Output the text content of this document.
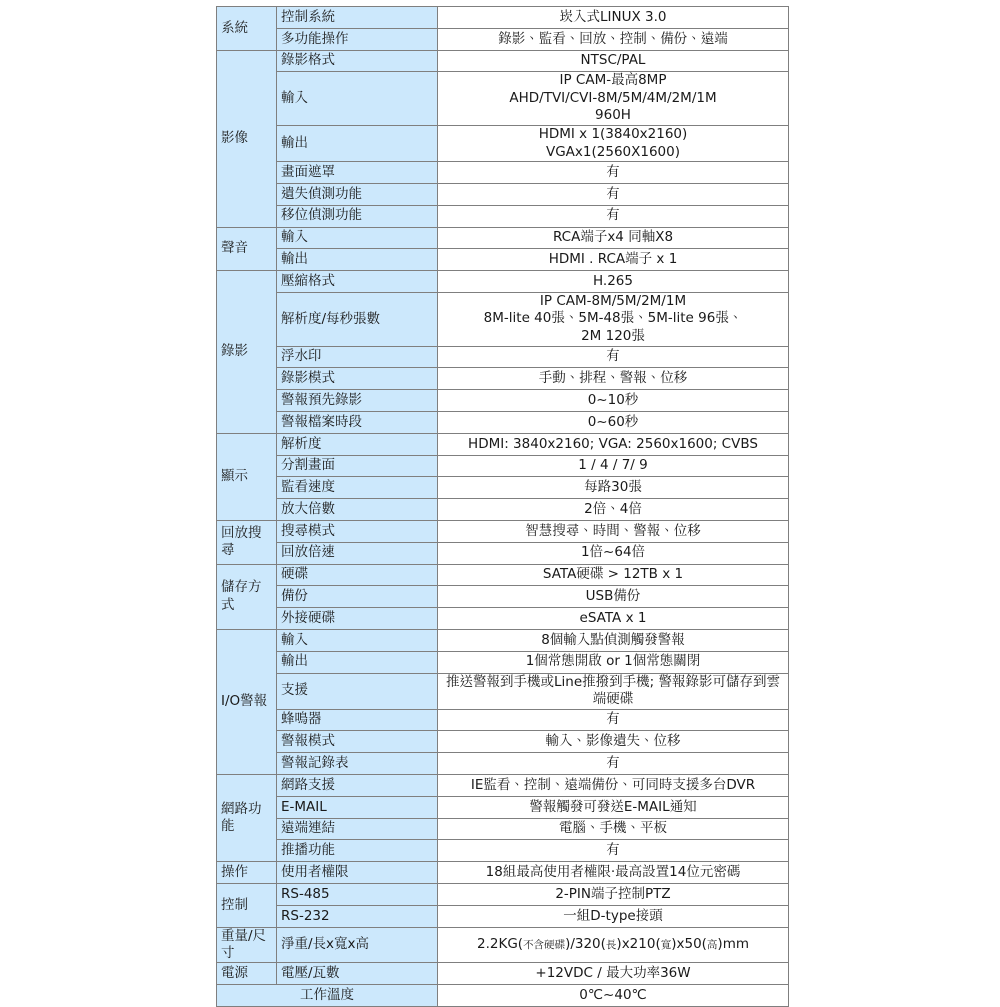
系統	控制系統	崁入式LINUX 3.0
	多功能操作	錄影、監看、回放、控制、備份、遠端
影像	錄影格式	NTSC/PAL
	輸入	IP CAM-最高8MP
AHD/TVI/CVI-8M/5M/4M/2M/1M
960H
	輸出	HDMI x 1(3840x2160)
VGAx1(2560X1600)
	畫面遮罩	有
	遺失偵測功能	有
	移位偵測功能	有
聲音	輸入	RCA端子x4 同軸X8
	輸出	HDMI . RCA端子 x 1
錄影	壓縮格式	H.265
	解析度/每秒張數	IP CAM-8M/5M/2M/1M
8M-lite 40張、5M-48張、5M-lite 96張、
2M 120張
	浮水印	有
	錄影模式	手動、排程、警報、位移
	警報預先錄影	0~10秒
	警報檔案時段	0~60秒
顯示	解析度	HDMI: 3840x2160; VGA: 2560x1600; CVBS
	分割畫面	1 / 4 / 7/ 9
	監看速度	每路30張
	放大倍數	2倍、4倍
回放搜尋	搜尋模式	智慧搜尋、時間、警報、位移
	回放倍速	1倍~64倍
儲存方式	硬碟	SATA硬碟 > 12TB x 1
	備份	USB備份
	外接硬碟	eSATA x 1
I/O警報	輸入	8個輸入點偵測觸發警報
	輸出	1個常態開啟 or 1個常態關閉
	支援	推送警報到手機或Line推撥到手機; 警報錄影可儲存到雲端硬碟
	蜂鳴器	有
	警報模式	輸入、影像遺失、位移
	警報記錄表	有
網路功能	網路支援	IE監看、控制、遠端備份、可同時支援多台DVR
	E-MAIL	警報觸發可發送E-MAIL通知
	遠端連結	電腦、手機、平板
	推播功能	有
操作	使用者權限	18組最高使用者權限·最高設置14位元密碼
控制	RS-485	2-PIN端子控制PTZ
	RS-232	一組D-type接頭
重量/尺寸	淨重/長x寬x高	2.2KG(不含硬碟)/320(長)x210(寬)x50(高)mm
電源	電壓/瓦數	+12VDC / 最大功率36W
工作溫度		0℃~40℃
